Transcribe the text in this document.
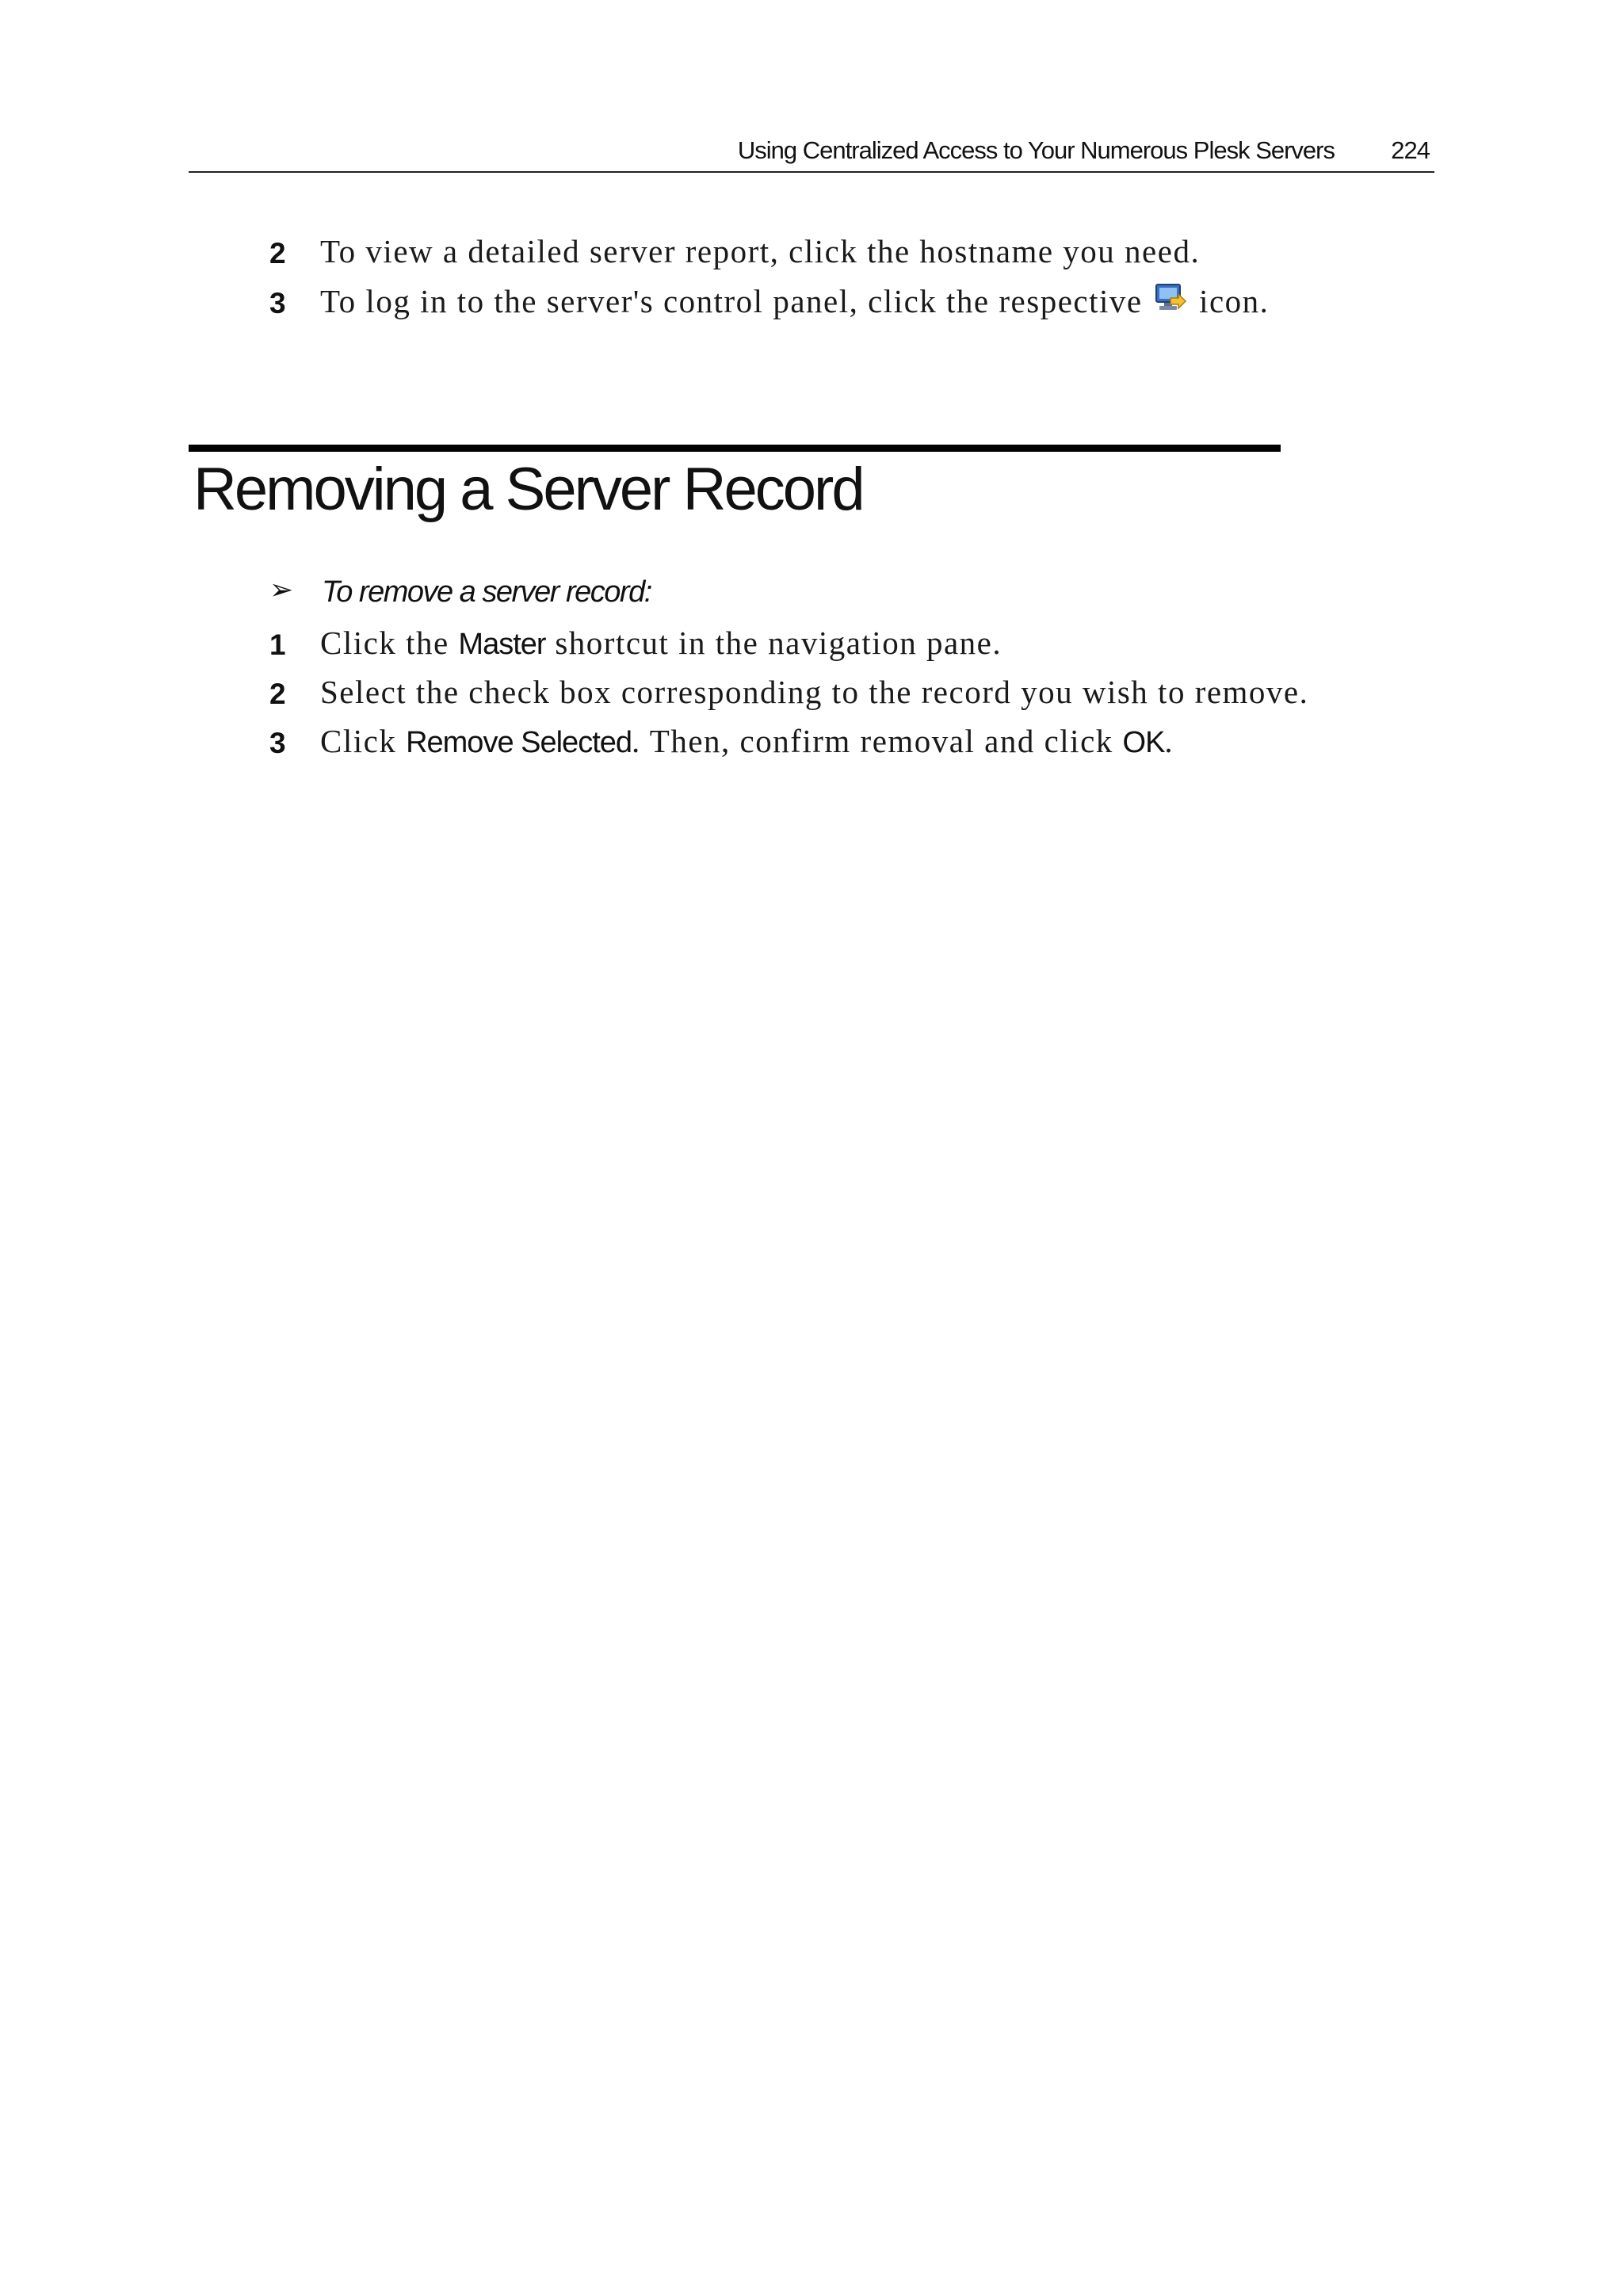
Using Centralized Access to Your Numerous Plesk Servers 224
2 To view a detailed server report, click the hostname you need.
3 To log in to the server's control panel, click the respective icon.
Removing a Server Record
➢ To remove a server record:
1 Click the Master shortcut in the navigation pane.
2 Select the check box corresponding to the record you wish to remove.
3 Click Remove Selected. Then, confirm removal and click OK.
